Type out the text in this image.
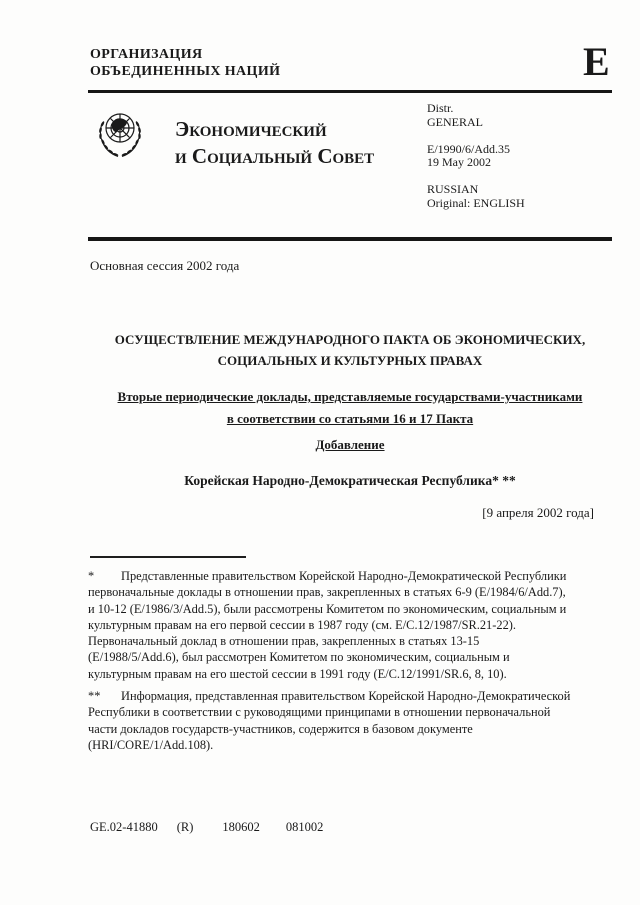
ОРГАНИЗАЦИЯ
ОБЪЕДИНЕННЫХ НАЦИЙ	E
Экономический
и Социальный Совет
Distr.
GENERAL
E/1990/6/Add.35
19 May 2002
RUSSIAN
Original: ENGLISH
Основная сессия 2002 года
ОСУЩЕСТВЛЕНИЕ МЕЖДУНАРОДНОГО ПАКТА ОБ ЭКОНОМИЧЕСКИХ,
СОЦИАЛЬНЫХ И КУЛЬТУРНЫХ ПРАВАХ
Вторые периодические доклады, представляемые государствами-участниками
в соответствии со статьями 16 и 17 Пакта
Добавление
Корейская Народно-Демократическая Республика* **
[9 апреля 2002 года]
* Представленные правительством Корейской Народно-Демократической Республики
первоначальные доклады в отношении прав, закрепленных в статьях 6-9 (E/1984/6/Add.7),
и 10-12 (E/1986/3/Add.5), были рассмотрены Комитетом по экономическим, социальным и
культурным правам на его первой сессии в 1987 году (см. E/C.12/1987/SR.21-22).
Первоначальный доклад в отношении прав, закрепленных в статьях 13-15
(E/1988/5/Add.6), был рассмотрен Комитетом по экономическим, социальным и
культурным правам на его шестой сессии в 1991 году (E/C.12/1991/SR.6, 8, 10).
** Информация, представленная правительством Корейской Народно-Демократической
Республики в соответствии с руководящими принципами в отношении первоначальной
части докладов государств-участников, содержится в базовом документе
(HRI/CORE/1/Add.108).
GE.02-41880 (R) 180602 081002
